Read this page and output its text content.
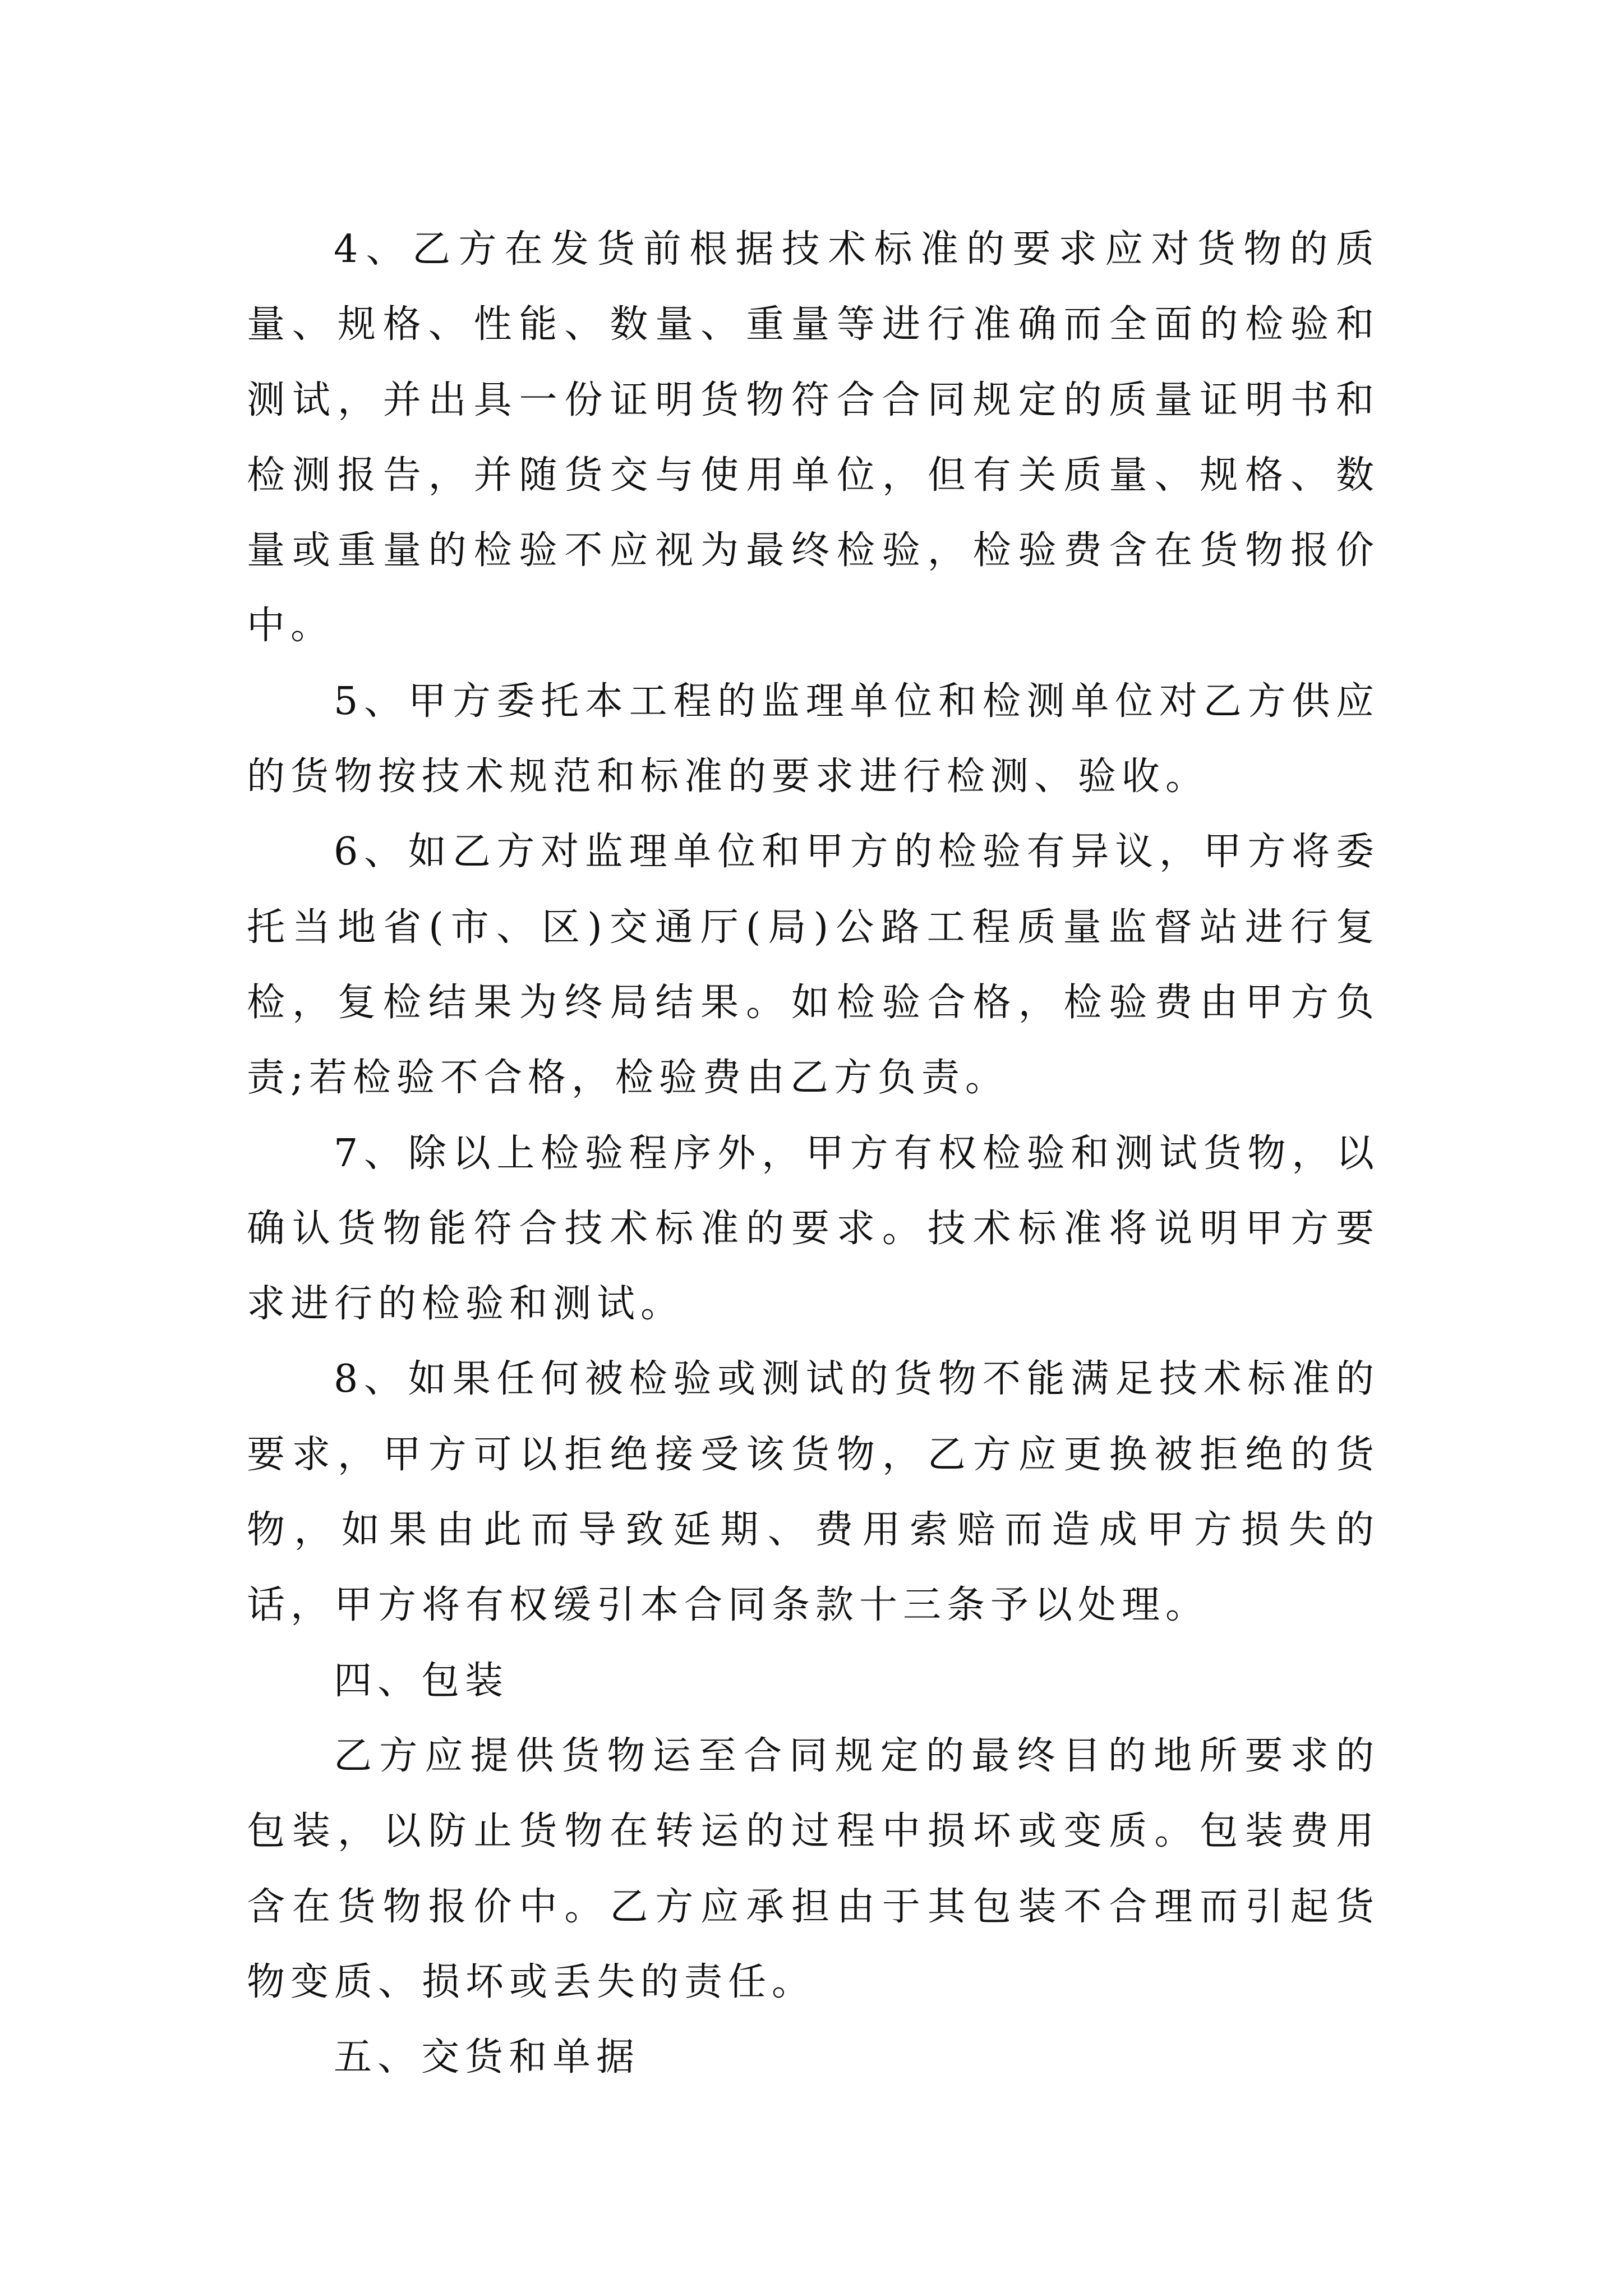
4、乙方在发货前根据技术标准的要求应对货物的质量、规格、性能、数量、重量等进行准确而全面的检验和测试，并出具一份证明货物符合合同规定的质量证明书和检测报告，并随货交与使用单位，但有关质量、规格、数量或重量的检验不应视为最终检验，检验费含在货物报价中。

5、甲方委托本工程的监理单位和检测单位对乙方供应的货物按技术规范和标准的要求进行检测、验收。

6、如乙方对监理单位和甲方的检验有异议，甲方将委托当地省(市、区)交通厅(局)公路工程质量监督站进行复检，复检结果为终局结果。如检验合格，检验费由甲方负责;若检验不合格，检验费由乙方负责。

7、除以上检验程序外，甲方有权检验和测试货物，以确认货物能符合技术标准的要求。技术标准将说明甲方要求进行的检验和测试。

8、如果任何被检验或测试的货物不能满足技术标准的要求，甲方可以拒绝接受该货物，乙方应更换被拒绝的货物，如果由此而导致延期、费用索赔而造成甲方损失的话，甲方将有权缓引本合同条款十三条予以处理。

四、包装

乙方应提供货物运至合同规定的最终目的地所要求的包装，以防止货物在转运的过程中损坏或变质。包装费用含在货物报价中。乙方应承担由于其包装不合理而引起货物变质、损坏或丢失的责任。

五、交货和单据
